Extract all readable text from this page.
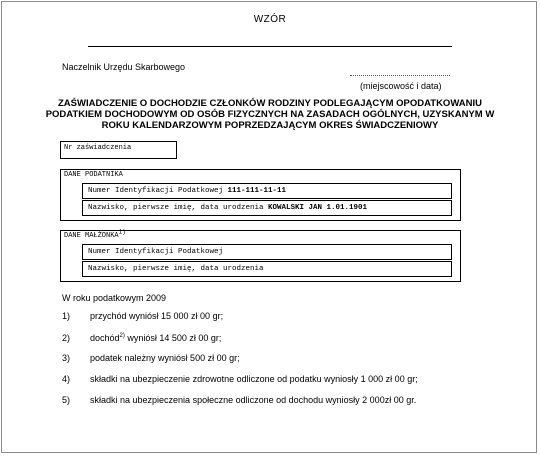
WZÓR
Naczelnik Urzędu Skarbowego
(miejscowość i data)
ZAŚWIADCZENIE O DOCHODZIE CZŁONKÓW RODZINY PODLEGAJĄCYM OPODATKOWANIU PODATKIEM DOCHODOWYM OD OSÓB FIZYCZNYCH NA ZASADACH OGÓLNYCH, UZYSKANYM W ROKU KALENDARZOWYM POPRZEDZAJĄCYM OKRES ŚWIADCZENIOWY
Nr zaświadczenia
DANE PODATNIKA
Numer Identyfikacji Podatkowej 111-111-11-11
Nazwisko, pierwsze imię, data urodzenia KOWALSKI JAN 1.01.1901
DANE MAŁŻONKA$^{1)}$
Numer Identyfikacji Podatkowej
Nazwisko, pierwsze imię, data urodzenia
W roku podatkowym 2009
1) przychód wyniósł 15 000 zł 00 gr;
2) dochód$^{2)}$ wyniósł 14 500 zł 00 gr;
3) podatek należny wyniósł 500 zł 00 gr;
4) składki na ubezpieczenie zdrowotne odliczone od podatku wyniosły 1 000 zł 00 gr;
5) składki na ubezpieczenia społeczne odliczone od dochodu wyniosły 2 000zł 00 gr.
